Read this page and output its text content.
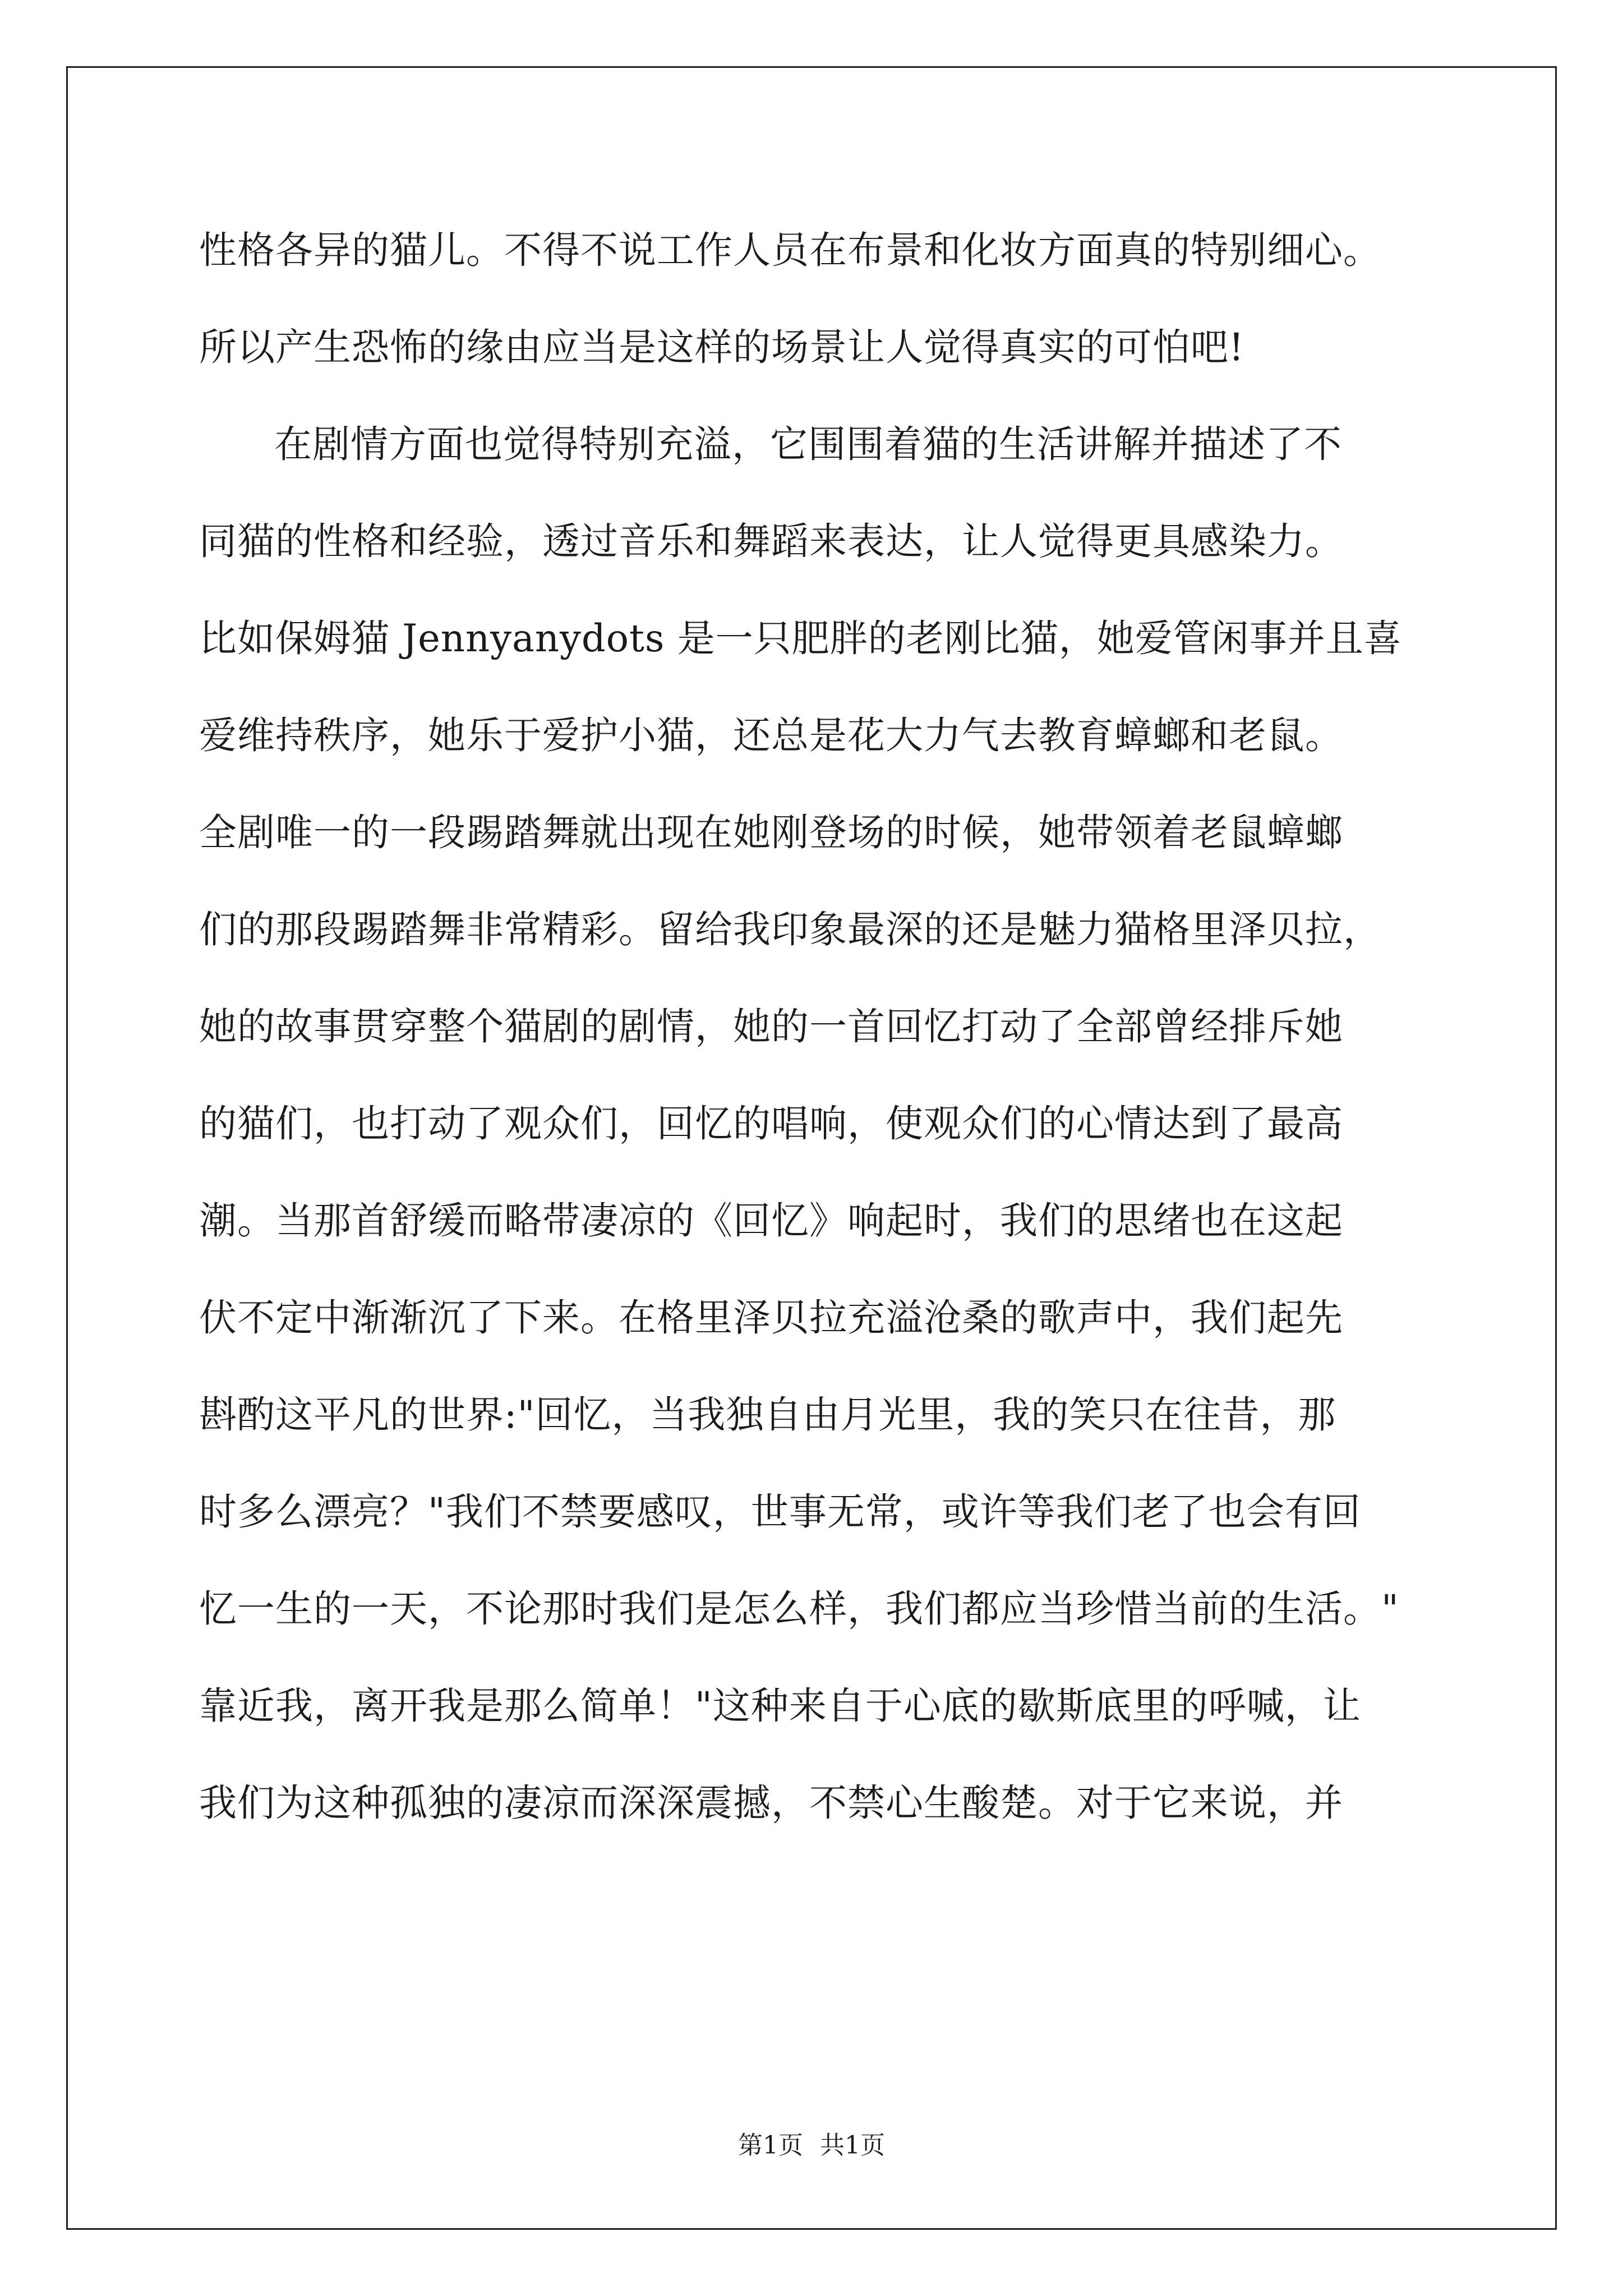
性格各异的猫儿。不得不说工作人员在布景和化妆方面真的特别细心。
所以产生恐怖的缘由应当是这样的场景让人觉得真实的可怕吧!
在剧情方面也觉得特别充溢，它围围着猫的生活讲解并描述了不
同猫的性格和经验，透过音乐和舞蹈来表达，让人觉得更具感染力。
比如保姆猫 Jennyanydots 是一只肥胖的老刚比猫，她爱管闲事并且喜
爱维持秩序，她乐于爱护小猫，还总是花大力气去教育蟑螂和老鼠。
全剧唯一的一段踢踏舞就出现在她刚登场的时候，她带领着老鼠蟑螂
们的那段踢踏舞非常精彩。留给我印象最深的还是魅力猫格里泽贝拉，
她的故事贯穿整个猫剧的剧情，她的一首回忆打动了全部曾经排斥她
的猫们，也打动了观众们，回忆的唱响，使观众们的心情达到了最高
潮。当那首舒缓而略带凄凉的《回忆》响起时，我们的思绪也在这起
伏不定中渐渐沉了下来。在格里泽贝拉充溢沧桑的歌声中，我们起先
斟酌这平凡的世界:"回忆，当我独自由月光里，我的笑只在往昔，那
时多么漂亮？"我们不禁要感叹，世事无常，或许等我们老了也会有回
忆一生的一天，不论那时我们是怎么样，我们都应当珍惜当前的生活。"
靠近我，离开我是那么简单！"这种来自于心底的歇斯底里的呼喊，让
我们为这种孤独的凄凉而深深震撼，不禁心生酸楚。对于它来说，并
第1页 共1页
